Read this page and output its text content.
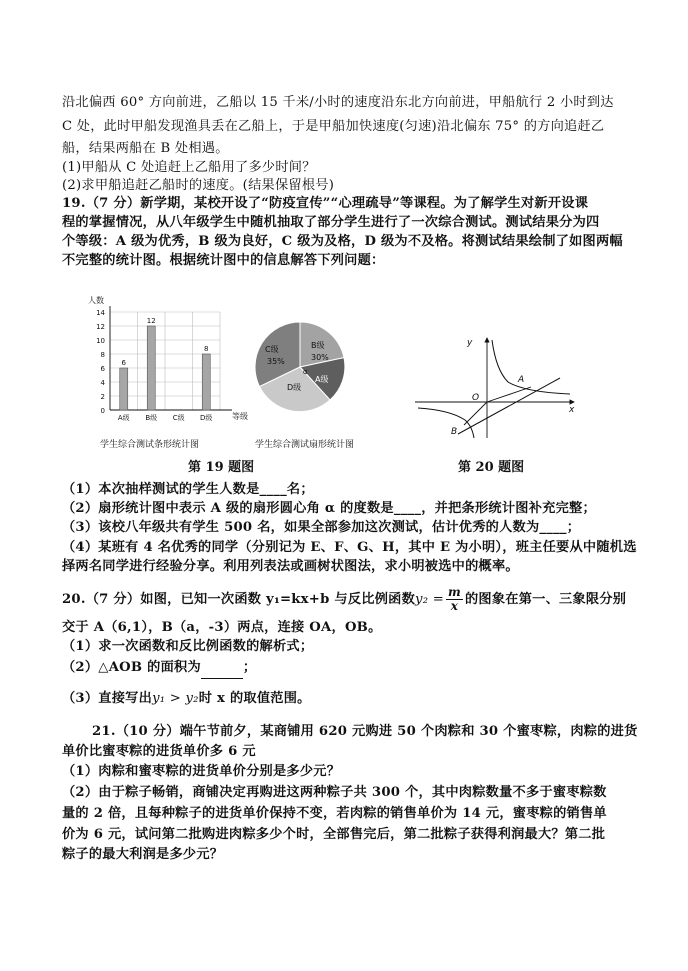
沿北偏西 60° 方向前进，乙船以 15 千米/小时的速度沿东北方向前进，甲船航行 2 小时到达
C 处，此时甲船发现渔具丢在乙船上，于是甲船加快速度(匀速)沿北偏东 75° 的方向追赶乙
船，结果两船在 B 处相遇。
(1)甲船从 C 处追赶上乙船用了多少时间？
(2)求甲船追赶乙船时的速度。(结果保留根号)
19.（7 分）新学期，某校开设了“防疫宣传”“心理疏导”等课程。为了解学生对新开设课
程的掌握情况，从八年级学生中随机抽取了部分学生进行了一次综合测试。测试结果分为四
个等级：A 级为优秀，B 级为良好，C 级为及格，D 级为不及格。将测试结果绘制了如图两幅
不完整的统计图。根据统计图中的信息解答下列问题：
0
2
4
6
8
10
12
14
人数
等级
6
A级
12
B级 C级
8
D级
学生综合测试条形统计图
C级
35%
B级
30%
A级
D级
α
学生综合测试扇形统计图
y
x
O
A
B
第 19 题图	第 20 题图
（1）本次抽样测试的学生人数是____名；
（2）扇形统计图中表示 A 级的扇形圆心角 α 的度数是____，并把条形统计图补充完整；
（3）该校八年级共有学生 500 名，如果全部参加这次测试，估计优秀的人数为____；
（4）某班有 4 名优秀的同学（分别记为 E、F、G、H，其中 E 为小明），班主任要从中随机选
择两名同学进行经验分享。利用列表法或画树状图法，求小明被选中的概率。
20.（7 分）如图，已知一次函数 y₁=kx+b 与反比例函数$y_2 = \frac{m}{x}$ 的图象在第一、三象限分别
交于 A（6,1），B（a，-3）两点，连接 OA，OB。
（1）求一次函数和反比例函数的解析式；
（2）△AOB 的面积为	；
（3）直接写出y₁ > y₂时 x 的取值范围。
21.（10 分）端午节前夕，某商铺用 620 元购进 50 个肉粽和 30 个蜜枣粽，肉粽的进货
单价比蜜枣粽的进货单价多 6 元
（1）肉粽和蜜枣粽的进货单价分别是多少元？
（2）由于粽子畅销，商铺决定再购进这两种粽子共 300 个，其中肉粽数量不多于蜜枣粽数
量的 2 倍，且每种粽子的进货单价保持不变，若肉粽的销售单价为 14 元，蜜枣粽的销售单
价为 6 元，试问第二批购进肉粽多少个时，全部售完后，第二批粽子获得利润最大？第二批
粽子的最大利润是多少元？
